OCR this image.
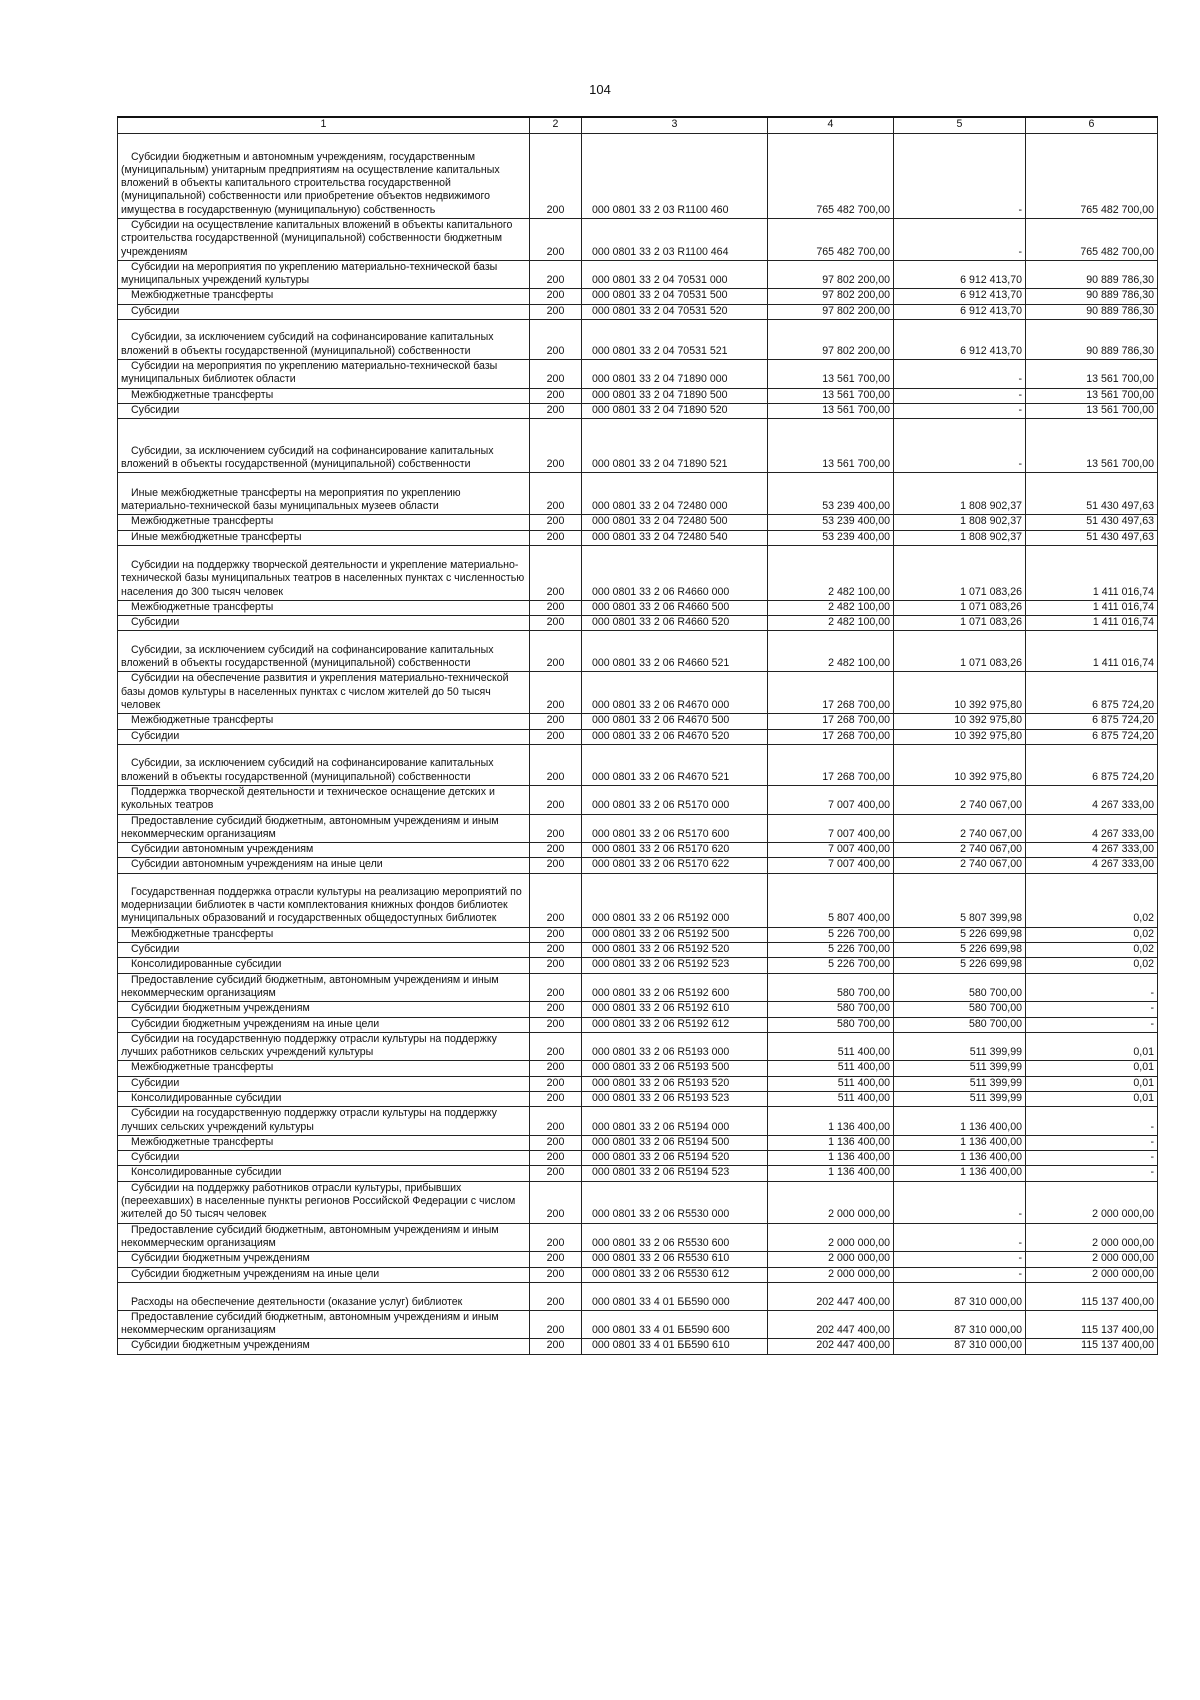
104
1	2	3	4	5	6

Субсидии бюджетным и автономным учреждениям, государственным (муниципальным) унитарным предприятиям на осуществление капитальных вложений в объекты капитального строительства государственной (муниципальной) собственности или приобретение объектов недвижимого имущества в государственную (муниципальную) собственность	200	000 0801 33 2 03 R1100 460	765 482 700,00	-	765 482 700,00

Субсидии на осуществление капитальных вложений в объекты капитального строительства государственной (муниципальной) собственности бюджетным учреждениям	200	000 0801 33 2 03 R1100 464	765 482 700,00	-	765 482 700,00

Субсидии на мероприятия по укреплению материально-технической базы муниципальных учреждений культуры	200	000 0801 33 2 04 70531 000	97 802 200,00	6 912 413,70	90 889 786,30

Межбюджетные трансферты	200	000 0801 33 2 04 70531 500	97 802 200,00	6 912 413,70	90 889 786,30

Субсидии	200	000 0801 33 2 04 70531 520	97 802 200,00	6 912 413,70	90 889 786,30

Субсидии, за исключением субсидий на софинансирование капитальных вложений в объекты государственной (муниципальной) собственности	200	000 0801 33 2 04 70531 521	97 802 200,00	6 912 413,70	90 889 786,30

Субсидии на мероприятия по укреплению материально-технической базы муниципальных библиотек области	200	000 0801 33 2 04 71890 000	13 561 700,00	-	13 561 700,00

Межбюджетные трансферты	200	000 0801 33 2 04 71890 500	13 561 700,00	-	13 561 700,00

Субсидии	200	000 0801 33 2 04 71890 520	13 561 700,00	-	13 561 700,00

Субсидии, за исключением субсидий на софинансирование капитальных вложений в объекты государственной (муниципальной) собственности	200	000 0801 33 2 04 71890 521	13 561 700,00	-	13 561 700,00

Иные межбюджетные трансферты на мероприятия по укреплению материально-технической базы муниципальных музеев области	200	000 0801 33 2 04 72480 000	53 239 400,00	1 808 902,37	51 430 497,63

Межбюджетные трансферты	200	000 0801 33 2 04 72480 500	53 239 400,00	1 808 902,37	51 430 497,63

Иные межбюджетные трансферты	200	000 0801 33 2 04 72480 540	53 239 400,00	1 808 902,37	51 430 497,63

Субсидии на поддержку творческой деятельности и укрепление материально-технической базы муниципальных театров в населенных пунктах с численностью населения до 300 тысяч человек	200	000 0801 33 2 06 R4660 000	2 482 100,00	1 071 083,26	1 411 016,74

Межбюджетные трансферты	200	000 0801 33 2 06 R4660 500	2 482 100,00	1 071 083,26	1 411 016,74

Субсидии	200	000 0801 33 2 06 R4660 520	2 482 100,00	1 071 083,26	1 411 016,74

Субсидии, за исключением субсидий на софинансирование капитальных вложений в объекты государственной (муниципальной) собственности	200	000 0801 33 2 06 R4660 521	2 482 100,00	1 071 083,26	1 411 016,74

Субсидии на обеспечение развития и укрепления материально-технической базы домов культуры в населенных пунктах с числом жителей до 50 тысяч человек	200	000 0801 33 2 06 R4670 000	17 268 700,00	10 392 975,80	6 875 724,20

Межбюджетные трансферты	200	000 0801 33 2 06 R4670 500	17 268 700,00	10 392 975,80	6 875 724,20

Субсидии	200	000 0801 33 2 06 R4670 520	17 268 700,00	10 392 975,80	6 875 724,20

Субсидии, за исключением субсидий на софинансирование капитальных вложений в объекты государственной (муниципальной) собственности	200	000 0801 33 2 06 R4670 521	17 268 700,00	10 392 975,80	6 875 724,20

Поддержка творческой деятельности и техническое оснащение детских и кукольных театров	200	000 0801 33 2 06 R5170 000	7 007 400,00	2 740 067,00	4 267 333,00

Предоставление субсидий бюджетным, автономным учреждениям и иным некоммерческим организациям	200	000 0801 33 2 06 R5170 600	7 007 400,00	2 740 067,00	4 267 333,00

Субсидии автономным учреждениям	200	000 0801 33 2 06 R5170 620	7 007 400,00	2 740 067,00	4 267 333,00

Субсидии автономным учреждениям на иные цели	200	000 0801 33 2 06 R5170 622	7 007 400,00	2 740 067,00	4 267 333,00

Государственная поддержка отрасли культуры на реализацию мероприятий по модернизации библиотек в части комплектования книжных фондов библиотек муниципальных образований и государственных общедоступных библиотек	200	000 0801 33 2 06 R5192 000	5 807 400,00	5 807 399,98	0,02

Межбюджетные трансферты	200	000 0801 33 2 06 R5192 500	5 226 700,00	5 226 699,98	0,02

Субсидии	200	000 0801 33 2 06 R5192 520	5 226 700,00	5 226 699,98	0,02

Консолидированные субсидии	200	000 0801 33 2 06 R5192 523	5 226 700,00	5 226 699,98	0,02

Предоставление субсидий бюджетным, автономным учреждениям и иным некоммерческим организациям	200	000 0801 33 2 06 R5192 600	580 700,00	580 700,00	-

Субсидии бюджетным учреждениям	200	000 0801 33 2 06 R5192 610	580 700,00	580 700,00	-

Субсидии бюджетным учреждениям на иные цели	200	000 0801 33 2 06 R5192 612	580 700,00	580 700,00	-

Субсидии на государственную поддержку отрасли культуры на поддержку лучших работников сельских учреждений культуры	200	000 0801 33 2 06 R5193 000	511 400,00	511 399,99	0,01

Межбюджетные трансферты	200	000 0801 33 2 06 R5193 500	511 400,00	511 399,99	0,01

Субсидии	200	000 0801 33 2 06 R5193 520	511 400,00	511 399,99	0,01

Консолидированные субсидии	200	000 0801 33 2 06 R5193 523	511 400,00	511 399,99	0,01

Субсидии на государственную поддержку отрасли культуры на поддержку лучших сельских учреждений культуры	200	000 0801 33 2 06 R5194 000	1 136 400,00	1 136 400,00	-

Межбюджетные трансферты	200	000 0801 33 2 06 R5194 500	1 136 400,00	1 136 400,00	-

Субсидии	200	000 0801 33 2 06 R5194 520	1 136 400,00	1 136 400,00	-

Консолидированные субсидии	200	000 0801 33 2 06 R5194 523	1 136 400,00	1 136 400,00	-

Субсидии на поддержку работников отрасли культуры, прибывших (переехавших) в населенные пункты регионов Российской Федерации с числом жителей до 50 тысяч человек	200	000 0801 33 2 06 R5530 000	2 000 000,00	-	2 000 000,00

Предоставление субсидий бюджетным, автономным учреждениям и иным некоммерческим организациям	200	000 0801 33 2 06 R5530 600	2 000 000,00	-	2 000 000,00

Субсидии бюджетным учреждениям	200	000 0801 33 2 06 R5530 610	2 000 000,00	-	2 000 000,00

Субсидии бюджетным учреждениям на иные цели	200	000 0801 33 2 06 R5530 612	2 000 000,00	-	2 000 000,00

Расходы на обеспечение деятельности (оказание услуг) библиотек	200	000 0801 33 4 01 ББ590 000	202 447 400,00	87 310 000,00	115 137 400,00

Предоставление субсидий бюджетным, автономным учреждениям и иным некоммерческим организациям	200	000 0801 33 4 01 ББ590 600	202 447 400,00	87 310 000,00	115 137 400,00

Субсидии бюджетным учреждениям	200	000 0801 33 4 01 ББ590 610	202 447 400,00	87 310 000,00	115 137 400,00
